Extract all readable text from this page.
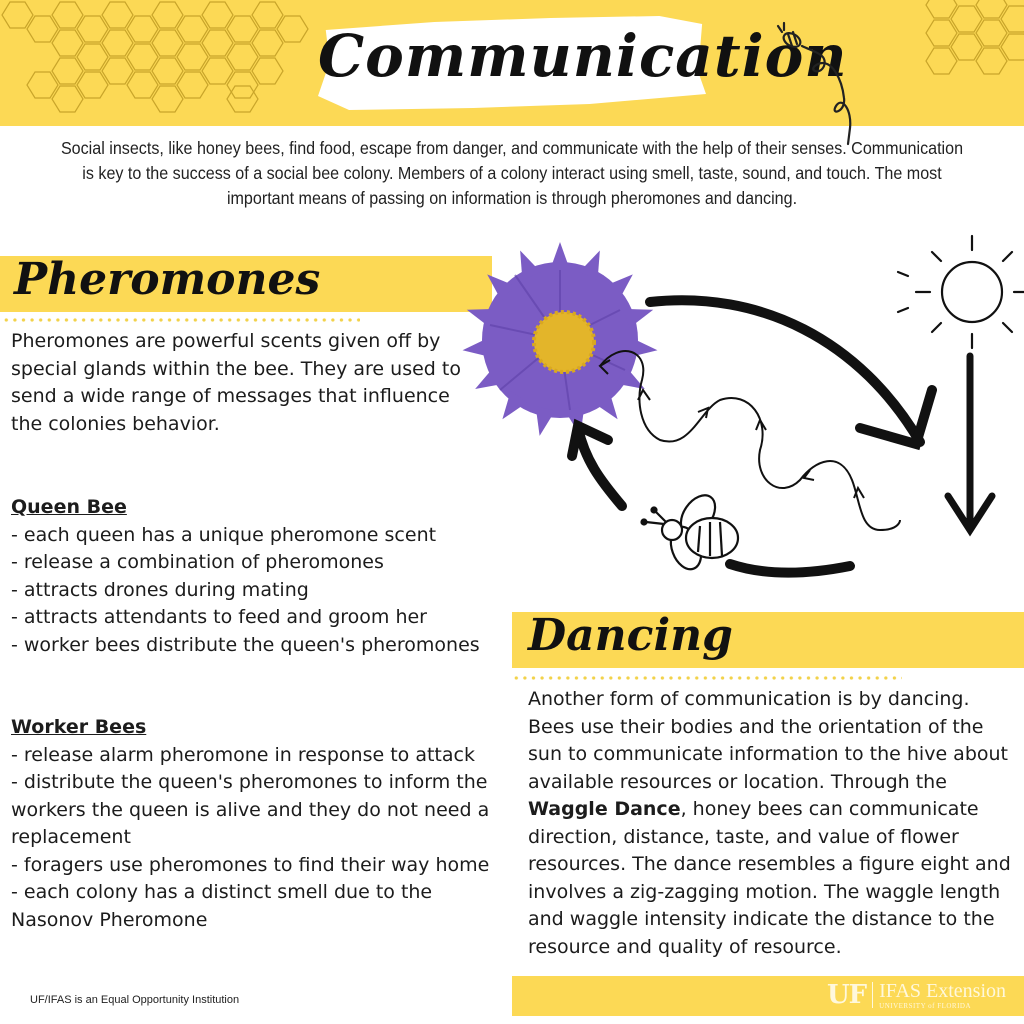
Communication

Social insects, like honey bees, find food, escape from danger, and communicate with the help of their senses. Communication is key to the success of a social bee colony. Members of a colony interact using smell, taste, sound, and touch. The most important means of passing on information is through pheromones and dancing.

Pheromones

Pheromones are powerful scents given off by special glands within the bee. They are used to send a wide range of messages that influence the colonies behavior.

Queen Bee
- each queen has a unique pheromone scent
- release a combination of pheromones
- attracts drones during mating
- attracts attendants to feed and groom her
- worker bees distribute the queen's pheromones
Worker Bees
- release alarm pheromone in response to attack
- distribute the queen's pheromones to inform the workers the queen is alive and they do not need a replacement
- foragers use pheromones to find their way home
- each colony has a distinct smell due to the Nasonov Pheromone
Dancing

Another form of communication is by dancing. Bees use their bodies and the orientation of the sun to communicate information to the hive about available resources or location. Through the Waggle Dance, honey bees can communicate direction, distance, taste, and value of flower resources. The dance resembles a figure eight and involves a zig-zagging motion. The waggle length and waggle intensity indicate the distance to the resource and quality of resource.

UF/IFAS is an Equal Opportunity Institution	UF IFAS Extension
UNIVERSITY of FLORIDA
